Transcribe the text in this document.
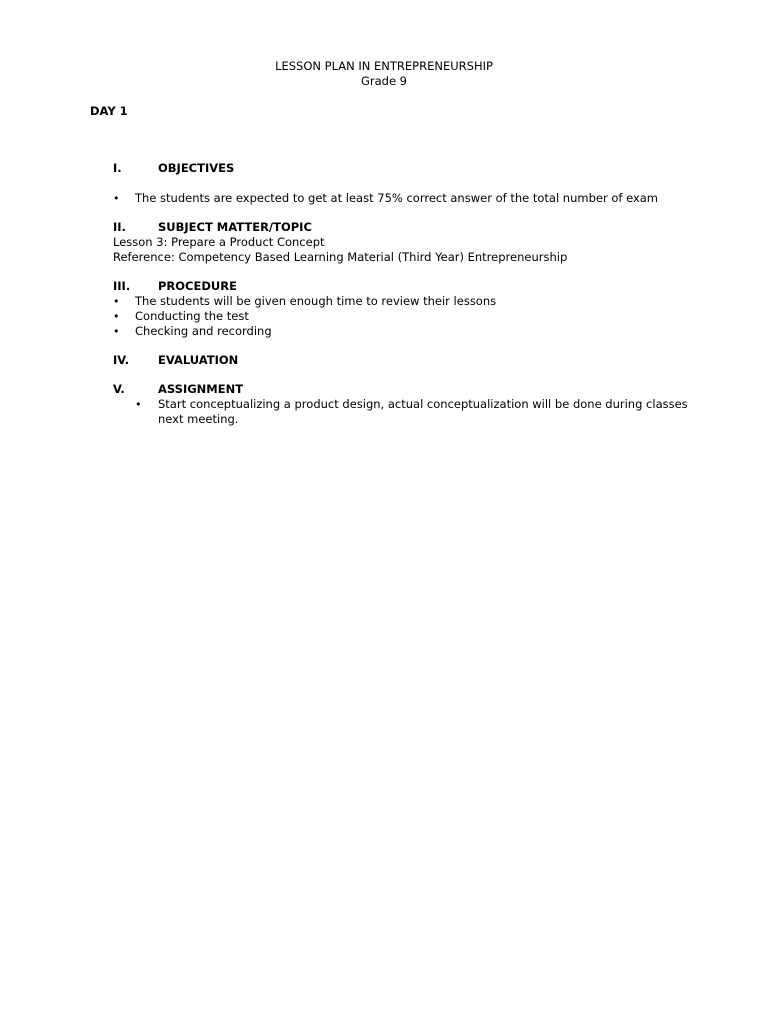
LESSON PLAN IN ENTREPRENEURSHIP
Grade 9
DAY 1
I.	OBJECTIVES
• The students are expected to get at least 75% correct answer of the total number of exam
II.	SUBJECT MATTER/TOPIC
Lesson 3: Prepare a Product Concept
Reference: Competency Based Learning Material (Third Year) Entrepreneurship
III. PROCEDURE
• The students will be given enough time to review their lessons
• Conducting the test
• Checking and recording
IV.	EVALUATION
V.	ASSIGNMENT
• Start conceptualizing a product design, actual conceptualization will be done during classes
next meeting.
